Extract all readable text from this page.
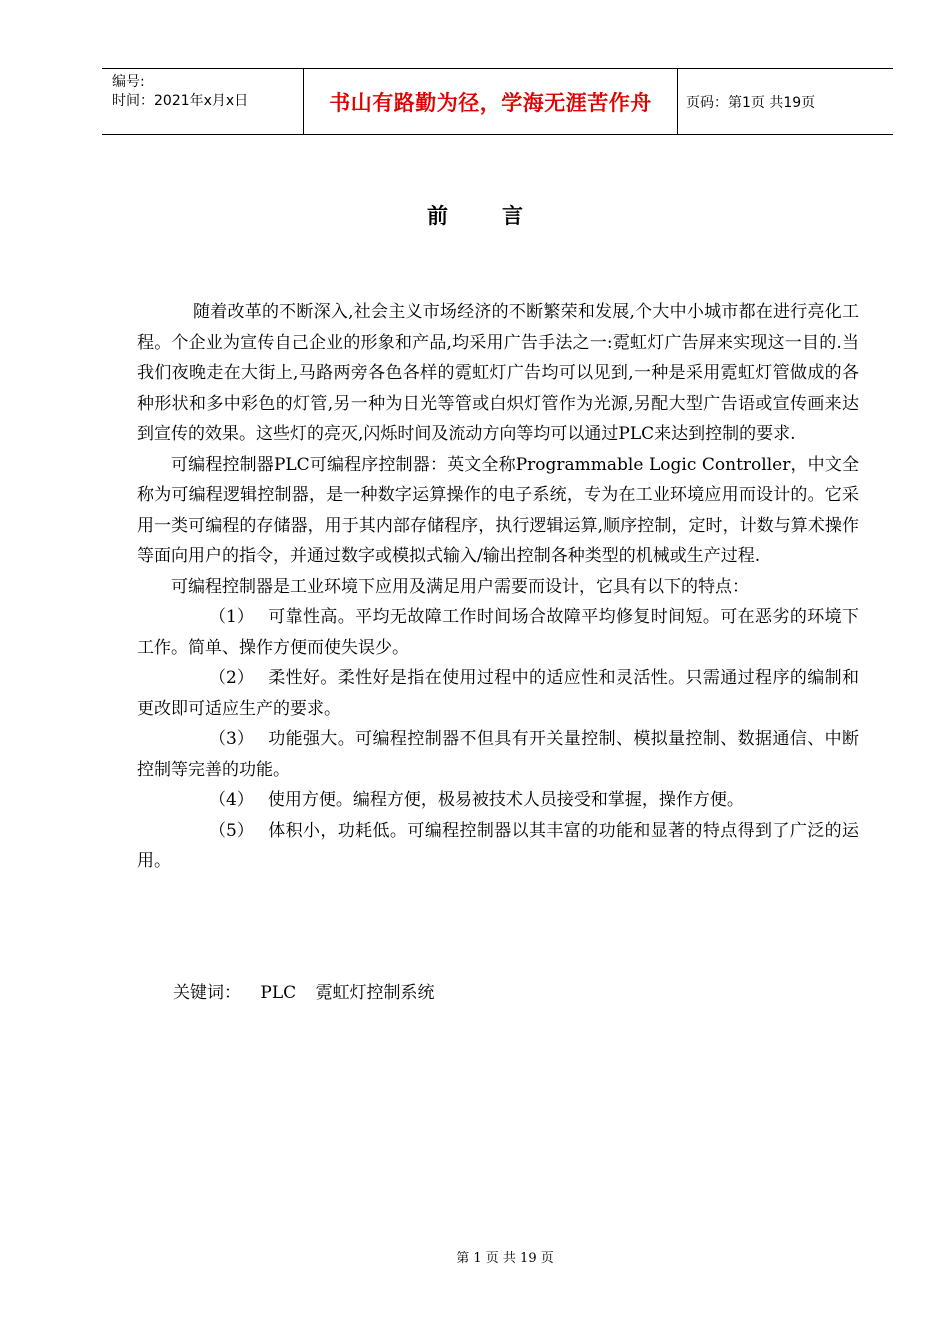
编号:
时间：2021年x月x日	书山有路勤为径，学海无涯苦作舟 页码：第1页 共19页
前言

随着改革的不断深入,社会主义市场经济的不断繁荣和发展,个大中小城市都在进行亮化工程。个企业为宣传自己企业的形象和产品,均采用广告手法之一:霓虹灯广告屏来实现这一目的.当我们夜晚走在大街上,马路两旁各色各样的霓虹灯广告均可以见到,一种是采用霓虹灯管做成的各种形状和多中彩色的灯管,另一种为日光等管或白炽灯管作为光源,另配大型广告语或宣传画来达到宣传的效果。这些灯的亮灭,闪烁时间及流动方向等均可以通过PLC来达到控制的要求.

可编程控制器PLC可编程序控制器：英文全称Programmable Logic Controller，中文全称为可编程逻辑控制器，是一种数字运算操作的电子系统，专为在工业环境应用而设计的。它采用一类可编程的存储器，用于其内部存储程序，执行逻辑运算,顺序控制，定时，计数与算术操作等面向用户的指令，并通过数字或模拟式输入/输出控制各种类型的机械或生产过程.

可编程控制器是工业环境下应用及满足用户需要而设计，它具有以下的特点：

（1） 可靠性高。平均无故障工作时间场合故障平均修复时间短。可在恶劣的环境下工作。简单、操作方便而使失误少。

（2） 柔性好。柔性好是指在使用过程中的适应性和灵活性。只需通过程序的编制和更改即可适应生产的要求。

（3） 功能强大。可编程控制器不但具有开关量控制、模拟量控制、数据通信、中断控制等完善的功能。

（4） 使用方便。编程方便，极易被技术人员接受和掌握，操作方便。

（5） 体积小，功耗低。可编程控制器以其丰富的功能和显著的特点得到了广泛的运用。

关键词： PLC 霓虹灯控制系统
第 1 页 共 19 页
